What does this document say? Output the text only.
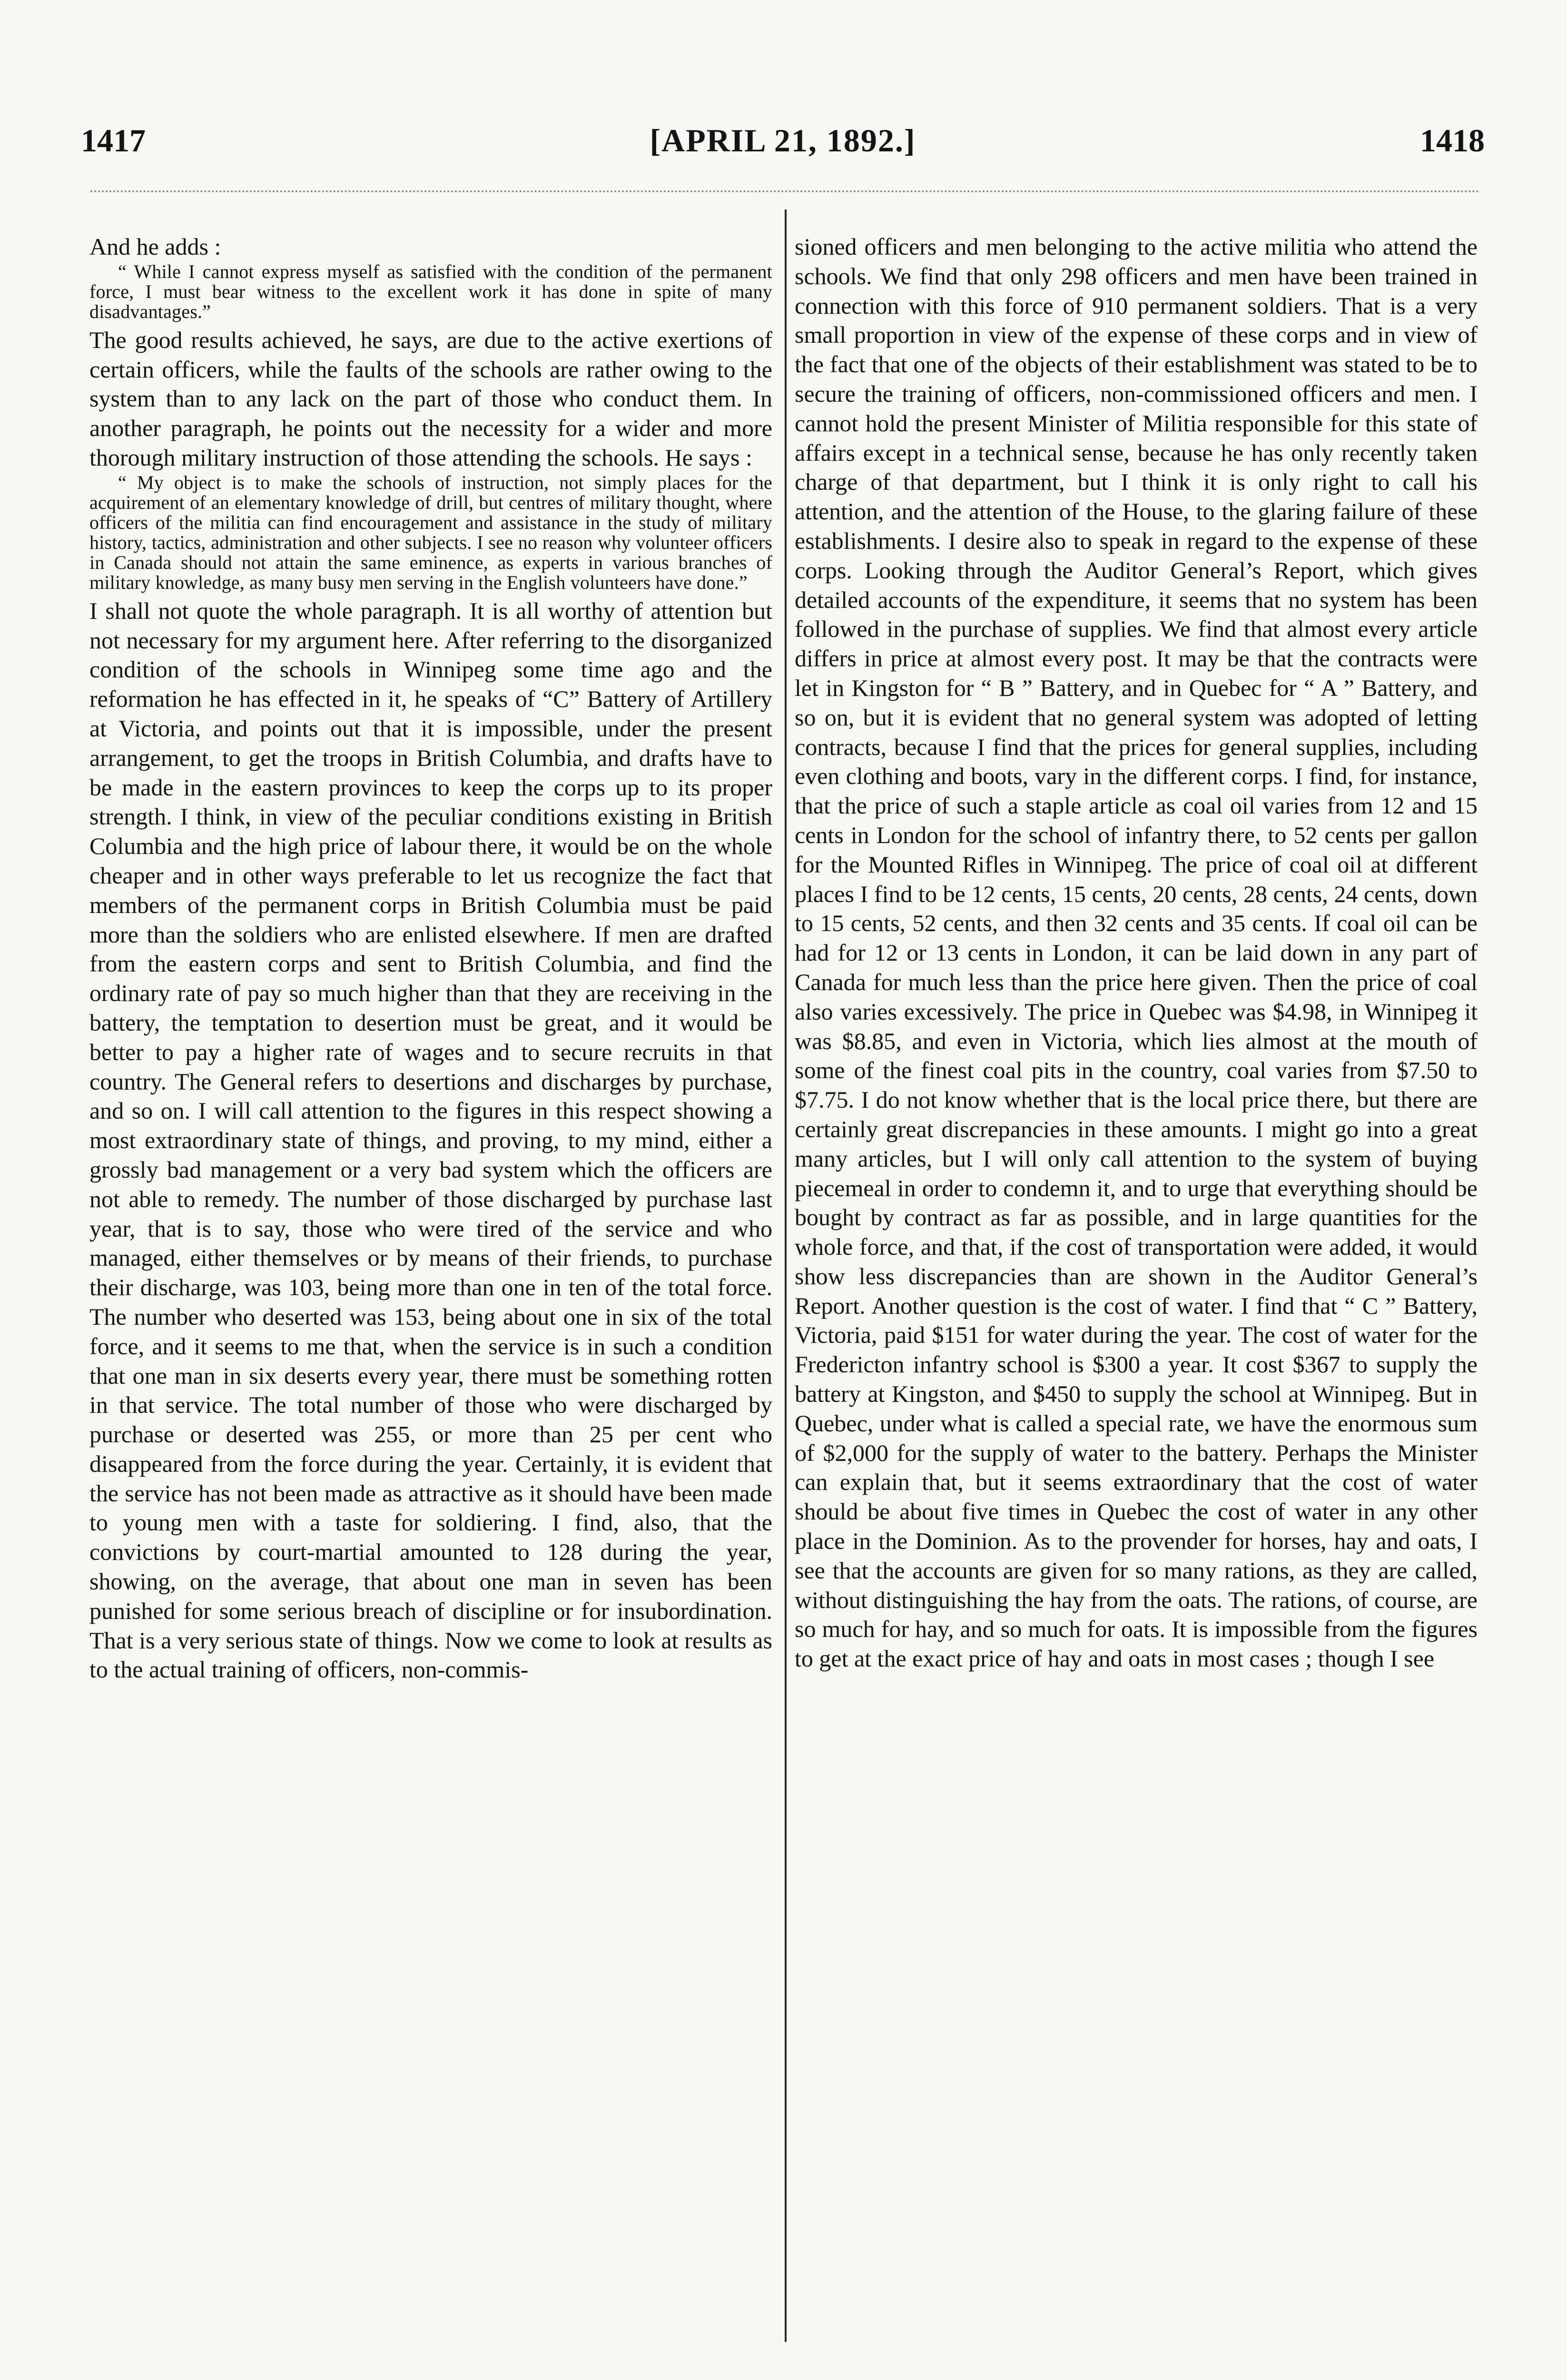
1417	[APRIL 21, 1892.]	1418

And he adds :

“ While I cannot express myself as satisfied with the condition of the permanent force, I must bear witness to the excellent work it has done in spite of many disadvantages.”

The good results achieved, he says, are due to the active exertions of certain officers, while the faults of the schools are rather owing to the system than to any lack on the part of those who conduct them. In another paragraph, he points out the necessity for a wider and more thorough military instruction of those attending the schools. He says :

“ My object is to make the schools of instruction, not simply places for the acquirement of an elementary knowledge of drill, but centres of military thought, where officers of the militia can find encouragement and assistance in the study of military history, tactics, administration and other subjects. I see no reason why volunteer officers in Canada should not attain the same eminence, as experts in various branches of military knowledge, as many busy men serving in the English volunteers have done.”

I shall not quote the whole paragraph. It is all worthy of attention but not necessary for my argument here. After referring to the disorganized condition of the schools in Winnipeg some time ago and the reformation he has effected in it, he speaks of “C” Battery of Artillery at Victoria, and points out that it is impossible, under the present arrangement, to get the troops in British Columbia, and drafts have to be made in the eastern provinces to keep the corps up to its proper strength. I think, in view of the peculiar conditions existing in British Columbia and the high price of labour there, it would be on the whole cheaper and in other ways preferable to let us recognize the fact that members of the permanent corps in British Columbia must be paid more than the soldiers who are enlisted elsewhere. If men are drafted from the eastern corps and sent to British Columbia, and find the ordinary rate of pay so much higher than that they are receiving in the battery, the temptation to desertion must be great, and it would be better to pay a higher rate of wages and to secure recruits in that country. The General refers to desertions and discharges by purchase, and so on. I will call attention to the figures in this respect showing a most extraordinary state of things, and proving, to my mind, either a grossly bad management or a very bad system which the officers are not able to remedy. The number of those discharged by purchase last year, that is to say, those who were tired of the service and who managed, either themselves or by means of their friends, to purchase their discharge, was 103, being more than one in ten of the total force. The number who deserted was 153, being about one in six of the total force, and it seems to me that, when the service is in such a condition that one man in six deserts every year, there must be something rotten in that service. The total number of those who were discharged by purchase or deserted was 255, or more than 25 per cent who disappeared from the force during the year. Certainly, it is evident that the service has not been made as attractive as it should have been made to young men with a taste for soldiering. I find, also, that the convictions by court-martial amounted to 128 during the year, showing, on the average, that about one man in seven has been punished for some serious breach of discipline or for insubordination. That is a very serious state of things. Now we come to look at results as to the actual training of officers, non-commis-

sioned officers and men belonging to the active militia who attend the schools. We find that only 298 officers and men have been trained in connection with this force of 910 permanent soldiers. That is a very small proportion in view of the expense of these corps and in view of the fact that one of the objects of their establishment was stated to be to secure the training of officers, non-commissioned officers and men. I cannot hold the present Minister of Militia responsible for this state of affairs except in a technical sense, because he has only recently taken charge of that department, but I think it is only right to call his attention, and the attention of the House, to the glaring failure of these establishments. I desire also to speak in regard to the expense of these corps. Looking through the Auditor General’s Report, which gives detailed accounts of the expenditure, it seems that no system has been followed in the purchase of supplies. We find that almost every article differs in price at almost every post. It may be that the contracts were let in Kingston for “ B ” Battery, and in Quebec for “ A ” Battery, and so on, but it is evident that no general system was adopted of letting contracts, because I find that the prices for general supplies, including even clothing and boots, vary in the different corps. I find, for instance, that the price of such a staple article as coal oil varies from 12 and 15 cents in London for the school of infantry there, to 52 cents per gallon for the Mounted Rifles in Winnipeg. The price of coal oil at different places I find to be 12 cents, 15 cents, 20 cents, 28 cents, 24 cents, down to 15 cents, 52 cents, and then 32 cents and 35 cents. If coal oil can be had for 12 or 13 cents in London, it can be laid down in any part of Canada for much less than the price here given. Then the price of coal also varies excessively. The price in Quebec was $4.98, in Winnipeg it was $8.85, and even in Victoria, which lies almost at the mouth of some of the finest coal pits in the country, coal varies from $7.50 to $7.75. I do not know whether that is the local price there, but there are certainly great discrepancies in these amounts. I might go into a great many articles, but I will only call attention to the system of buying piecemeal in order to condemn it, and to urge that everything should be bought by contract as far as possible, and in large quantities for the whole force, and that, if the cost of transportation were added, it would show less discrepancies than are shown in the Auditor General’s Report. Another question is the cost of water. I find that “ C ” Battery, Victoria, paid $151 for water during the year. The cost of water for the Fredericton infantry school is $300 a year. It cost $367 to supply the battery at Kingston, and $450 to supply the school at Winnipeg. But in Quebec, under what is called a special rate, we have the enormous sum of $2,000 for the supply of water to the battery. Perhaps the Minister can explain that, but it seems extraordinary that the cost of water should be about five times in Quebec the cost of water in any other place in the Dominion. As to the provender for horses, hay and oats, I see that the accounts are given for so many rations, as they are called, without distinguishing the hay from the oats. The rations, of course, are so much for hay, and so much for oats. It is impossible from the figures to get at the exact price of hay and oats in most cases ; though I see
